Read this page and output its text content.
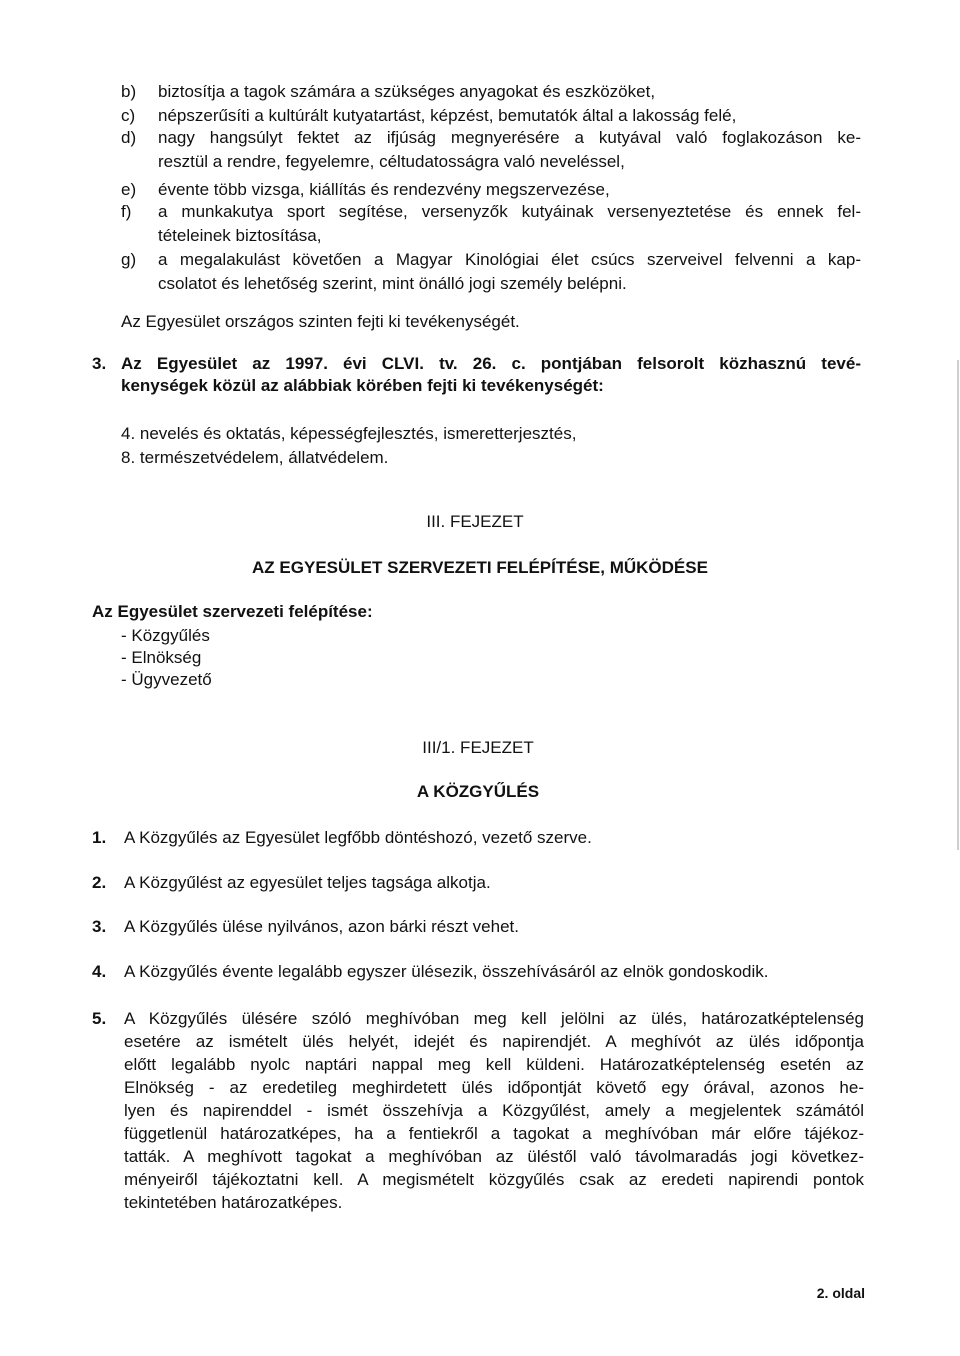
b) biztosítja a tagok számára a szükséges anyagokat és eszközöket,
c) népszerűsíti a kultúrált kutyatartást, képzést, bemutatók által a lakosság felé,
d) nagy hangsúlyt fektet az ifjúság megnyerésére a kutyával való foglakozáson ke-
resztül a rendre, fegyelemre, céltudatosságra való neveléssel,
e) évente több vizsga, kiállítás és rendezvény megszervezése,
f) a munkakutya sport segítése, versenyzők kutyáinak versenyeztetése és ennek fel-
tételeinek biztosítása,
g) a megalakulást követően a Magyar Kinológiai élet csúcs szerveivel felvenni a kap-
csolatot és lehetőség szerint, mint önálló jogi személy belépni.
Az Egyesület országos szinten fejti ki tevékenységét.
3. Az Egyesület az 1997. évi CLVI. tv. 26. c. pontjában felsorolt közhasznú tevé-
kenységek közül az alábbiak körében fejti ki tevékenységét:
4. nevelés és oktatás, képességfejlesztés, ismeretterjesztés,
8. természetvédelem, állatvédelem.
III. FEJEZET
AZ EGYESÜLET SZERVEZETI FELÉPÍTÉSE, MŰKÖDÉSE
Az Egyesület szervezeti felépítése:
- Közgyűlés
- Elnökség
- Ügyvezető
III/1. FEJEZET
A KÖZGYŰLÉS
1. A Közgyűlés az Egyesület legfőbb döntéshozó, vezető szerve.
2. A Közgyűlést az egyesület teljes tagsága alkotja.
3. A Közgyűlés ülése nyilvános, azon bárki részt vehet.
4. A Közgyűlés évente legalább egyszer ülésezik, összehívásáról az elnök gondoskodik.
5. A Közgyűlés ülésére szóló meghívóban meg kell jelölni az ülés, határozatképtelenség
esetére az ismételt ülés helyét, idejét és napirendjét. A meghívót az ülés időpontja
előtt legalább nyolc naptári nappal meg kell küldeni. Határozatképtelenség esetén az
Elnökség - az eredetileg meghirdetett ülés időpontját követő egy órával, azonos he-
lyen és napirenddel - ismét összehívja a Közgyűlést, amely a megjelentek számától
függetlenül határozatképes, ha a fentiekről a tagokat a meghívóban már előre tájékoz-
tatták. A meghívott tagokat a meghívóban az üléstől való távolmaradás jogi következ-
ményeiről tájékoztatni kell. A megismételt közgyűlés csak az eredeti napirendi pontok
tekintetében határozatképes.
2. oldal
